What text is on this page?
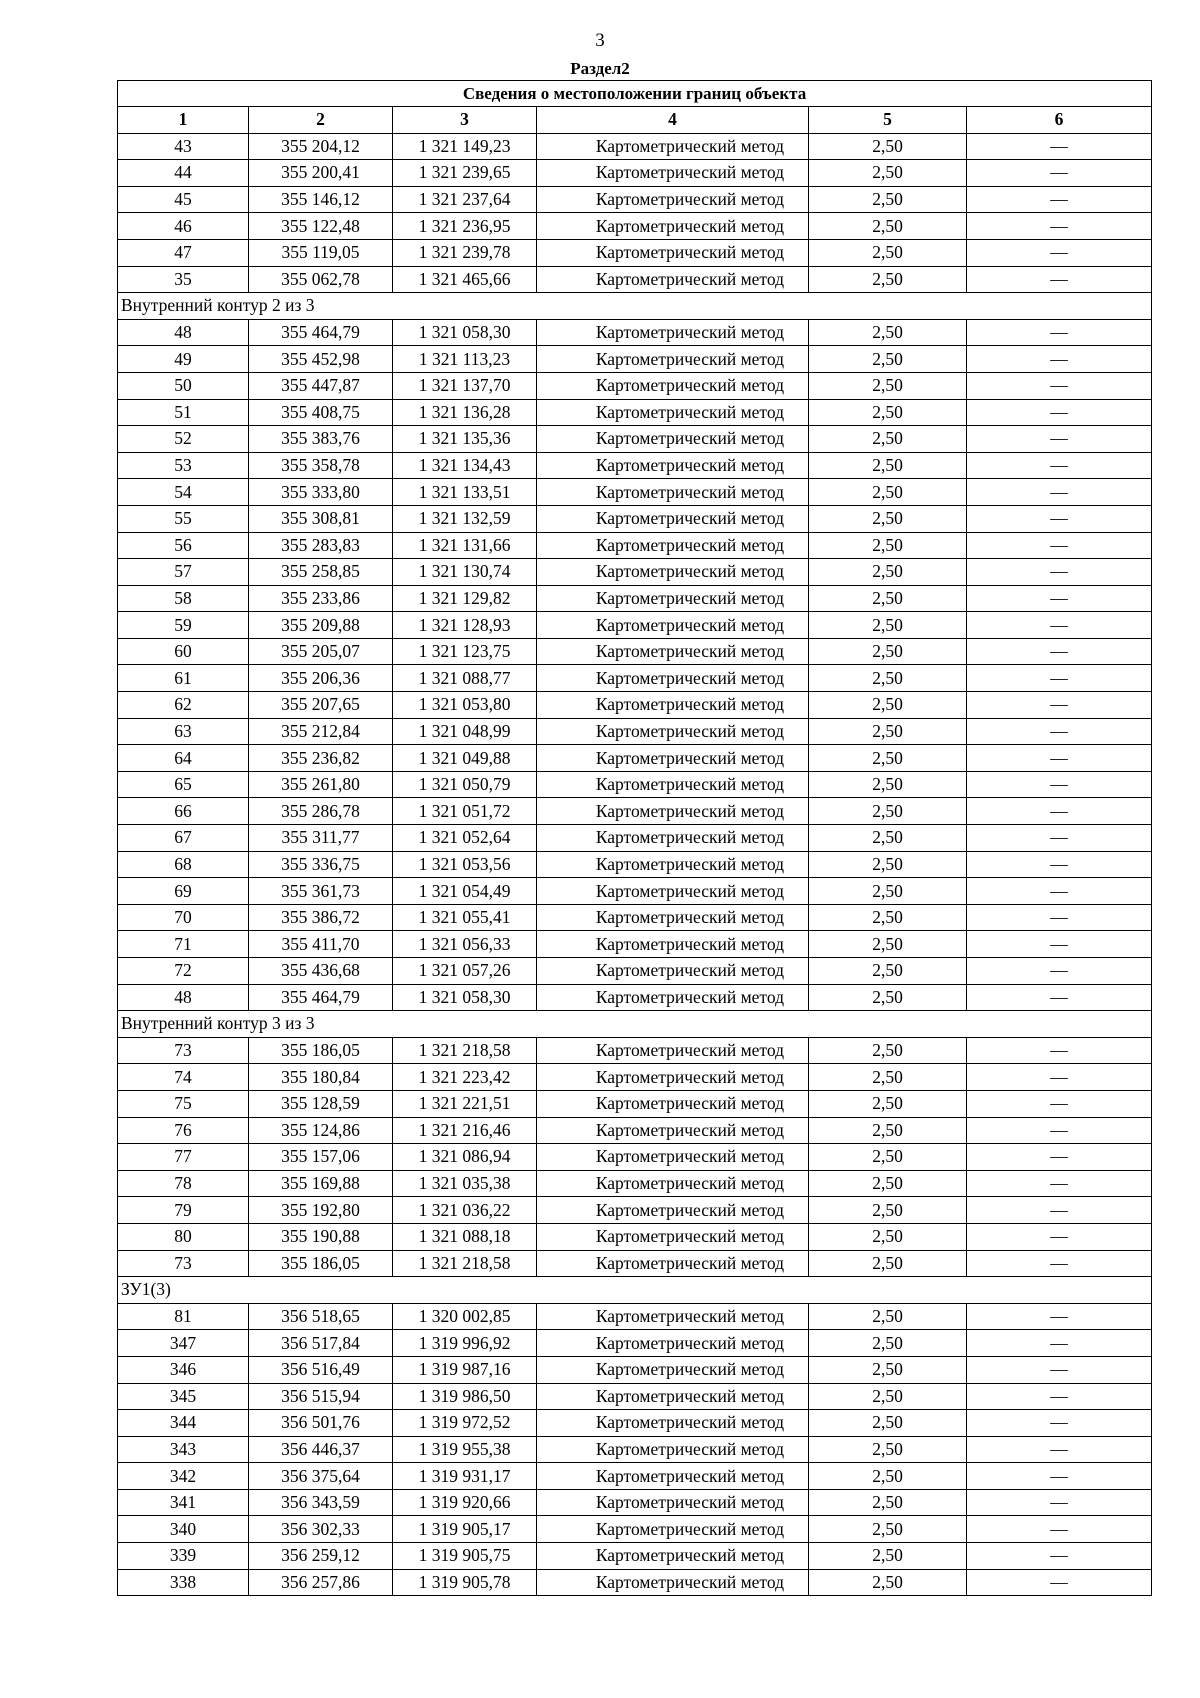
3
Раздел2
Сведения о местоположении границ объекта					
1	2	3	4	5	6
43	355 204,12	1 321 149,23	Картометрический метод	2,50	—
44	355 200,41	1 321 239,65	Картометрический метод	2,50	—
45	355 146,12	1 321 237,64	Картометрический метод	2,50	—
46	355 122,48	1 321 236,95	Картометрический метод	2,50	—
47	355 119,05	1 321 239,78	Картометрический метод	2,50	—
35	355 062,78	1 321 465,66	Картометрический метод	2,50	—
Внутренний контур 2 из 3					
48	355 464,79	1 321 058,30	Картометрический метод	2,50	—
49	355 452,98	1 321 113,23	Картометрический метод	2,50	—
50	355 447,87	1 321 137,70	Картометрический метод	2,50	—
51	355 408,75	1 321 136,28	Картометрический метод	2,50	—
52	355 383,76	1 321 135,36	Картометрический метод	2,50	—
53	355 358,78	1 321 134,43	Картометрический метод	2,50	—
54	355 333,80	1 321 133,51	Картометрический метод	2,50	—
55	355 308,81	1 321 132,59	Картометрический метод	2,50	—
56	355 283,83	1 321 131,66	Картометрический метод	2,50	—
57	355 258,85	1 321 130,74	Картометрический метод	2,50	—
58	355 233,86	1 321 129,82	Картометрический метод	2,50	—
59	355 209,88	1 321 128,93	Картометрический метод	2,50	—
60	355 205,07	1 321 123,75	Картометрический метод	2,50	—
61	355 206,36	1 321 088,77	Картометрический метод	2,50	—
62	355 207,65	1 321 053,80	Картометрический метод	2,50	—
63	355 212,84	1 321 048,99	Картометрический метод	2,50	—
64	355 236,82	1 321 049,88	Картометрический метод	2,50	—
65	355 261,80	1 321 050,79	Картометрический метод	2,50	—
66	355 286,78	1 321 051,72	Картометрический метод	2,50	—
67	355 311,77	1 321 052,64	Картометрический метод	2,50	—
68	355 336,75	1 321 053,56	Картометрический метод	2,50	—
69	355 361,73	1 321 054,49	Картометрический метод	2,50	—
70	355 386,72	1 321 055,41	Картометрический метод	2,50	—
71	355 411,70	1 321 056,33	Картометрический метод	2,50	—
72	355 436,68	1 321 057,26	Картометрический метод	2,50	—
48	355 464,79	1 321 058,30	Картометрический метод	2,50	—
Внутренний контур 3 из 3					
73	355 186,05	1 321 218,58	Картометрический метод	2,50	—
74	355 180,84	1 321 223,42	Картометрический метод	2,50	—
75	355 128,59	1 321 221,51	Картометрический метод	2,50	—
76	355 124,86	1 321 216,46	Картометрический метод	2,50	—
77	355 157,06	1 321 086,94	Картометрический метод	2,50	—
78	355 169,88	1 321 035,38	Картометрический метод	2,50	—
79	355 192,80	1 321 036,22	Картометрический метод	2,50	—
80	355 190,88	1 321 088,18	Картометрический метод	2,50	—
73	355 186,05	1 321 218,58	Картометрический метод	2,50	—
ЗУ1(3)					
81	356 518,65	1 320 002,85	Картометрический метод	2,50	—
347	356 517,84	1 319 996,92	Картометрический метод	2,50	—
346	356 516,49	1 319 987,16	Картометрический метод	2,50	—
345	356 515,94	1 319 986,50	Картометрический метод	2,50	—
344	356 501,76	1 319 972,52	Картометрический метод	2,50	—
343	356 446,37	1 319 955,38	Картометрический метод	2,50	—
342	356 375,64	1 319 931,17	Картометрический метод	2,50	—
341	356 343,59	1 319 920,66	Картометрический метод	2,50	—
340	356 302,33	1 319 905,17	Картометрический метод	2,50	—
339	356 259,12	1 319 905,75	Картометрический метод	2,50	—
338	356 257,86	1 319 905,78	Картометрический метод	2,50	—
